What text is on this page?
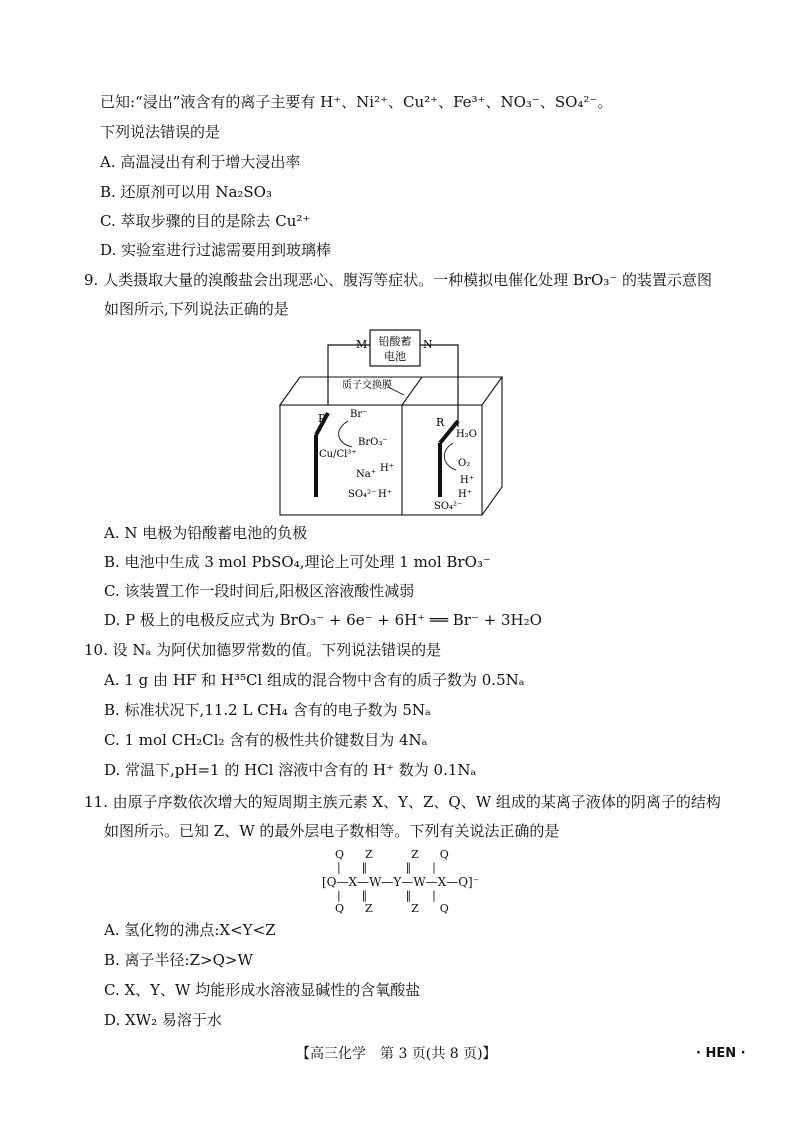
已知:“浸出”液含有的离子主要有 H⁺、Ni²⁺、Cu²⁺、Fe³⁺、NO₃⁻、SO₄²⁻。
下列说法错误的是
A. 高温浸出有利于增大浸出率
B. 还原剂可以用 Na₂SO₃
C. 萃取步骤的目的是除去 Cu²⁺
D. 实验室进行过滤需要用到玻璃棒
9. 人类摄取大量的溴酸盐会出现恶心、腹泻等症状。一种模拟电催化处理 BrO₃⁻ 的装置示意图
如图所示,下列说法正确的是
铅酸蓄
电池
M	N
质子交换膜
P Br⁻
BrO₃⁻
Cu/Cl³⁺
Na⁺
H⁺
SO₄²⁻ H⁺
R
H₂O
O₂
H⁺
H⁺
SO₄²⁻
A. N 电极为铅酸蓄电池的负极
B. 电池中生成 3 mol PbSO₄,理论上可处理 1 mol BrO₃⁻
C. 该装置工作一段时间后,阳极区溶液酸性减弱
D. P 极上的电极反应式为 BrO₃⁻ + 6e⁻ + 6H⁺ ══ Br⁻ + 3H₂O
10. 设 Nₐ 为阿伏加德罗常数的值。下列说法错误的是
A. 1 g 由 HF 和 H³⁵Cl 组成的混合物中含有的质子数为 0.5Nₐ
B. 标准状况下,11.2 L CH₄ 含有的电子数为 5Nₐ
C. 1 mol CH₂Cl₂ 含有的极性共价键数目为 4Nₐ
D. 常温下,pH=1 的 HCl 溶液中含有的 H⁺ 数为 0.1Nₐ
11. 由原子序数依次增大的短周期主族元素 X、Y、Z、Q、W 组成的某离子液体的阴离子的结构
如图所示。已知 Z、W 的最外层电子数相等。下列有关说法正确的是
Q      Z           Z      Q
|      ‖           ‖      |
[Q—X—W—Y—W—X—Q]⁻
|      ‖           ‖      |
Q      Z           Z      Q
A. 氢化物的沸点:X<Y<Z
B. 离子半径:Z>Q>W
C. X、Y、W 均能形成水溶液显碱性的含氧酸盐
D. XW₂ 易溶于水
【高三化学　第 3 页(共 8 页)】	· HEN ·
